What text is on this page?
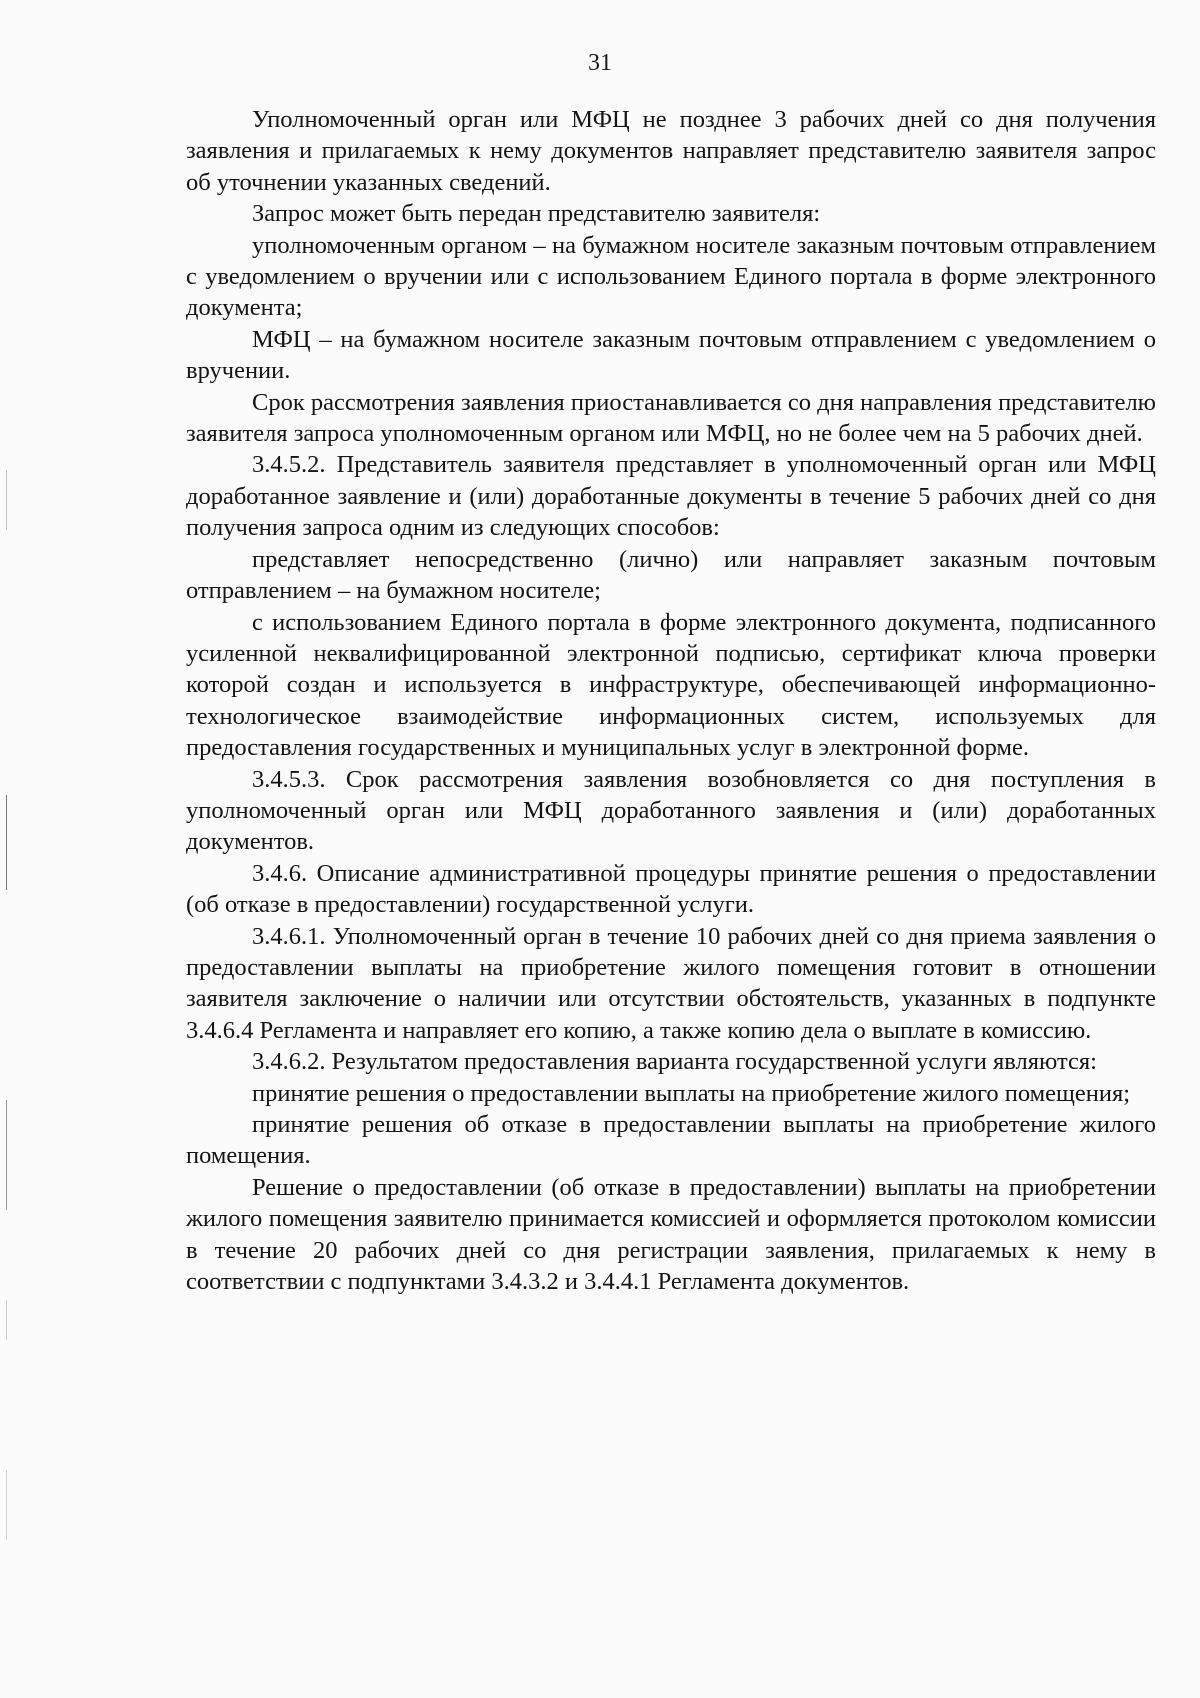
31

Уполномоченный орган или МФЦ не позднее 3 рабочих дней со дня получения заявления и прилагаемых к нему документов направляет представителю заявителя запрос об уточнении указанных сведений.

Запрос может быть передан представителю заявителя:

уполномоченным органом – на бумажном носителе заказным почтовым отправлением с уведомлением о вручении или с использованием Единого портала в форме электронного документа;

МФЦ – на бумажном носителе заказным почтовым отправлением с уведомлением о вручении.

Срок рассмотрения заявления приостанавливается со дня направления представителю заявителя запроса уполномоченным органом или МФЦ, но не более чем на 5 рабочих дней.

3.4.5.2. Представитель заявителя представляет в уполномоченный орган или МФЦ доработанное заявление и (или) доработанные документы в течение 5 рабочих дней со дня получения запроса одним из следующих способов:

представляет непосредственно (лично) или направляет заказным почтовым отправлением – на бумажном носителе;

с использованием Единого портала в форме электронного документа, подписанного усиленной неквалифицированной электронной подписью, сертификат ключа проверки которой создан и используется в инфраструктуре, обеспечивающей информационно-технологическое взаимодействие информационных систем, используемых для предоставления государственных и муниципальных услуг в электронной форме.

3.4.5.3. Срок рассмотрения заявления возобновляется со дня поступления в уполномоченный орган или МФЦ доработанного заявления и (или) доработанных документов.

3.4.6. Описание административной процедуры принятие решения о предоставлении (об отказе в предоставлении) государственной услуги.

3.4.6.1. Уполномоченный орган в течение 10 рабочих дней со дня приема заявления о предоставлении выплаты на приобретение жилого помещения готовит в отношении заявителя заключение о наличии или отсутствии обстоятельств, указанных в подпункте 3.4.6.4 Регламента и направляет его копию, а также копию дела о выплате в комиссию.

3.4.6.2. Результатом предоставления варианта государственной услуги являются:

принятие решения о предоставлении выплаты на приобретение жилого помещения;

принятие решения об отказе в предоставлении выплаты на приобретение жилого помещения.

Решение о предоставлении (об отказе в предоставлении) выплаты на приобретении жилого помещения заявителю принимается комиссией и оформляется протоколом комиссии в течение 20 рабочих дней со дня регистрации заявления, прилагаемых к нему в соответствии с подпунктами 3.4.3.2 и 3.4.4.1 Регламента документов.
